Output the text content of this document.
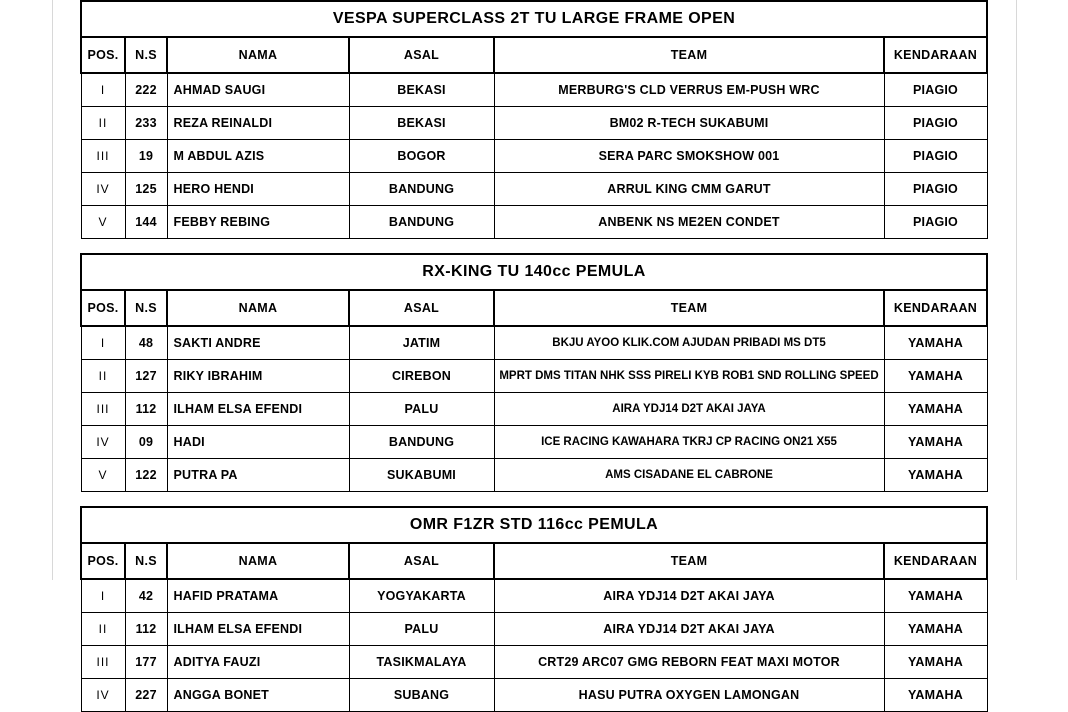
VESPA SUPERCLASS 2T TU LARGE FRAME OPEN					
POS.	N.S	NAMA	ASAL	TEAM	KENDARAAN
I	222	AHMAD SAUGI	BEKASI	MERBURG'S CLD VERRUS EM-PUSH WRC	PIAGIO
II	233	REZA REINALDI	BEKASI	BM02 R-TECH SUKABUMI	PIAGIO
III	19	M ABDUL AZIS	BOGOR	SERA PARC SMOKSHOW 001	PIAGIO
IV	125	HERO HENDI	BANDUNG	ARRUL KING CMM GARUT	PIAGIO
V	144	FEBBY REBING	BANDUNG	ANBENK NS ME2EN CONDET	PIAGIO
RX-KING TU 140cc PEMULA					
POS.	N.S	NAMA	ASAL	TEAM	KENDARAAN
I	48	SAKTI ANDRE	JATIM	BKJU AYOO KLIK.COM AJUDAN PRIBADI MS DT5	YAMAHA
II	127	RIKY IBRAHIM	CIREBON	MPRT DMS TITAN NHK SSS PIRELI KYB ROB1 SND ROLLING SPEED	YAMAHA
III	112	ILHAM ELSA EFENDI	PALU	AIRA YDJ14 D2T AKAI JAYA	YAMAHA
IV	09	HADI	BANDUNG	ICE RACING KAWAHARA TKRJ CP RACING ON21 X55	YAMAHA
V	122	PUTRA PA	SUKABUMI	AMS CISADANE EL CABRONE	YAMAHA
OMR F1ZR STD 116cc PEMULA					
POS.	N.S	NAMA	ASAL	TEAM	KENDARAAN
I	42	HAFID PRATAMA	YOGYAKARTA	AIRA YDJ14 D2T AKAI JAYA	YAMAHA
II	112	ILHAM ELSA EFENDI	PALU	AIRA YDJ14 D2T AKAI JAYA	YAMAHA
III	177	ADITYA FAUZI	TASIKMALAYA	CRT29 ARC07 GMG REBORN FEAT MAXI MOTOR	YAMAHA
IV	227	ANGGA BONET	SUBANG	HASU PUTRA OXYGEN LAMONGAN	YAMAHA
